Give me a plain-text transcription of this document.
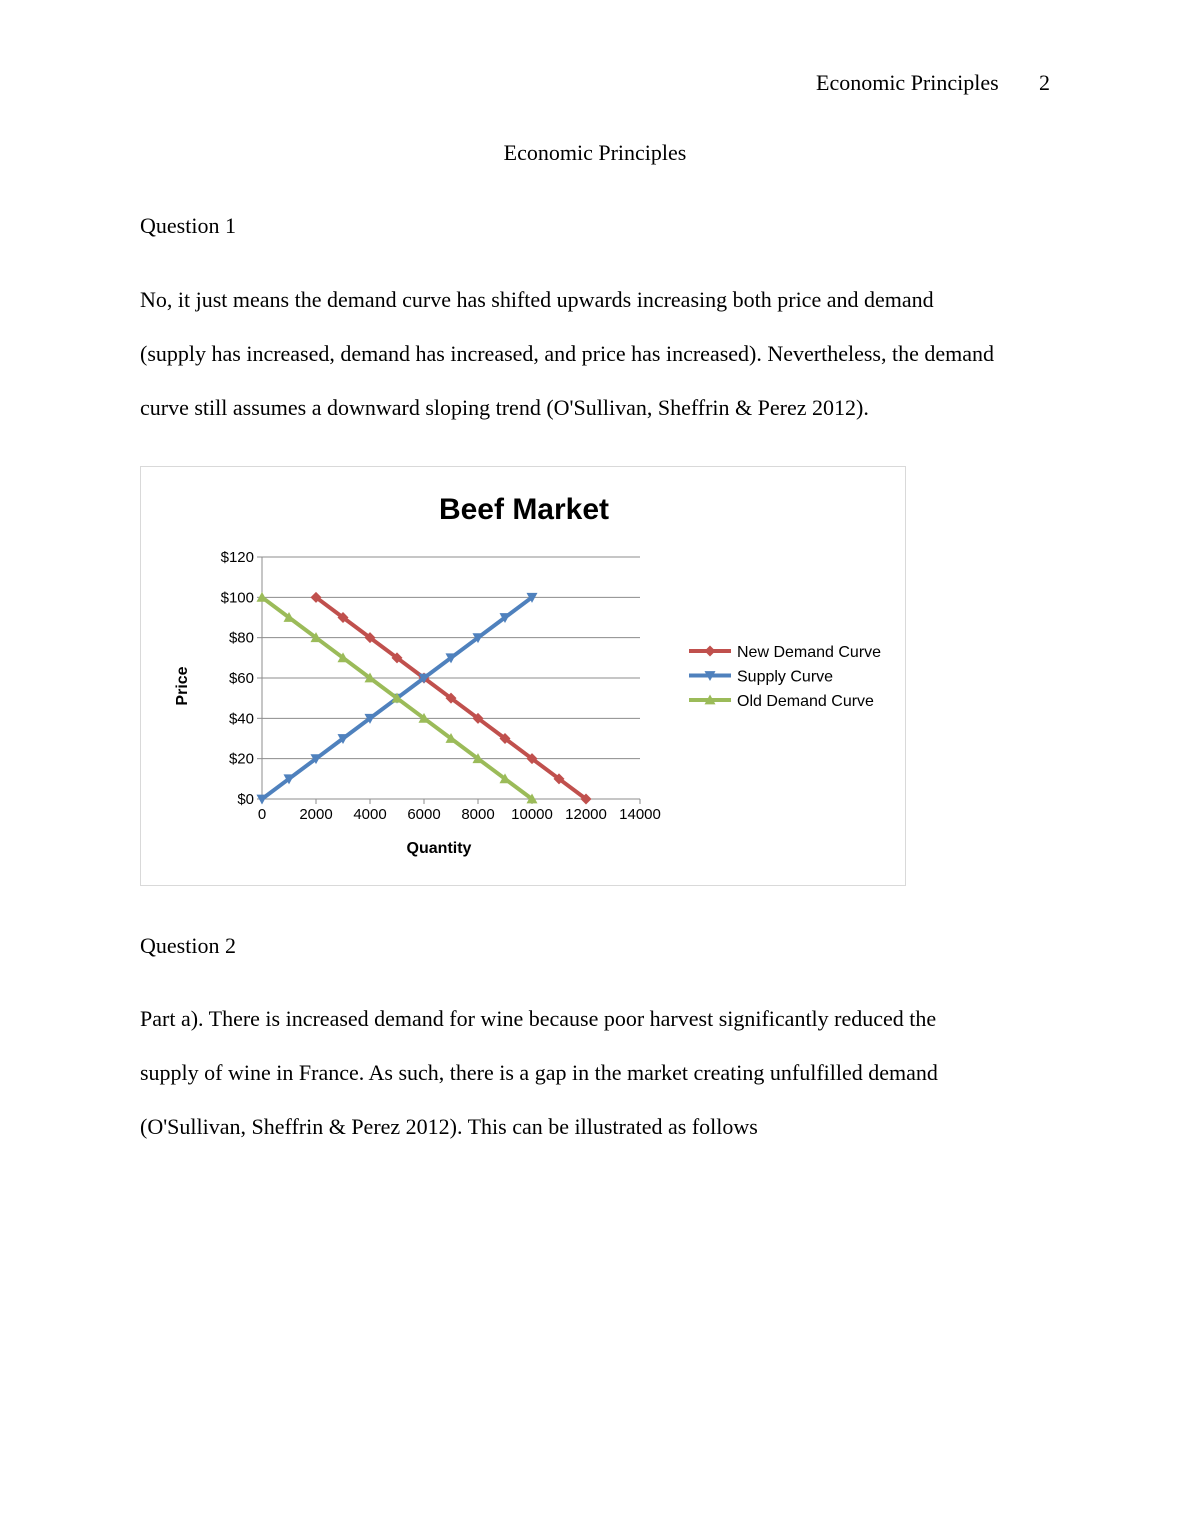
Economic Principles 2
Economic Principles
Question 1
No, it just means the demand curve has shifted upwards increasing both price and demand
(supply has increased, demand has increased, and price has increased). Nevertheless, the demand
curve still assumes a downward sloping trend (O'Sullivan, Sheffrin & Perez 2012).
Beef Market
$0
$20
$40
$60
$80
$100
$120
0 2000 4000 6000 8000 10000 12000 14000
New Demand Curve
Supply Curve
Old Demand Curve
Quantity
Price
Question 2
Part a). There is increased demand for wine because poor harvest significantly reduced the
supply of wine in France. As such, there is a gap in the market creating unfulfilled demand
(O'Sullivan, Sheffrin & Perez 2012). This can be illustrated as follows
